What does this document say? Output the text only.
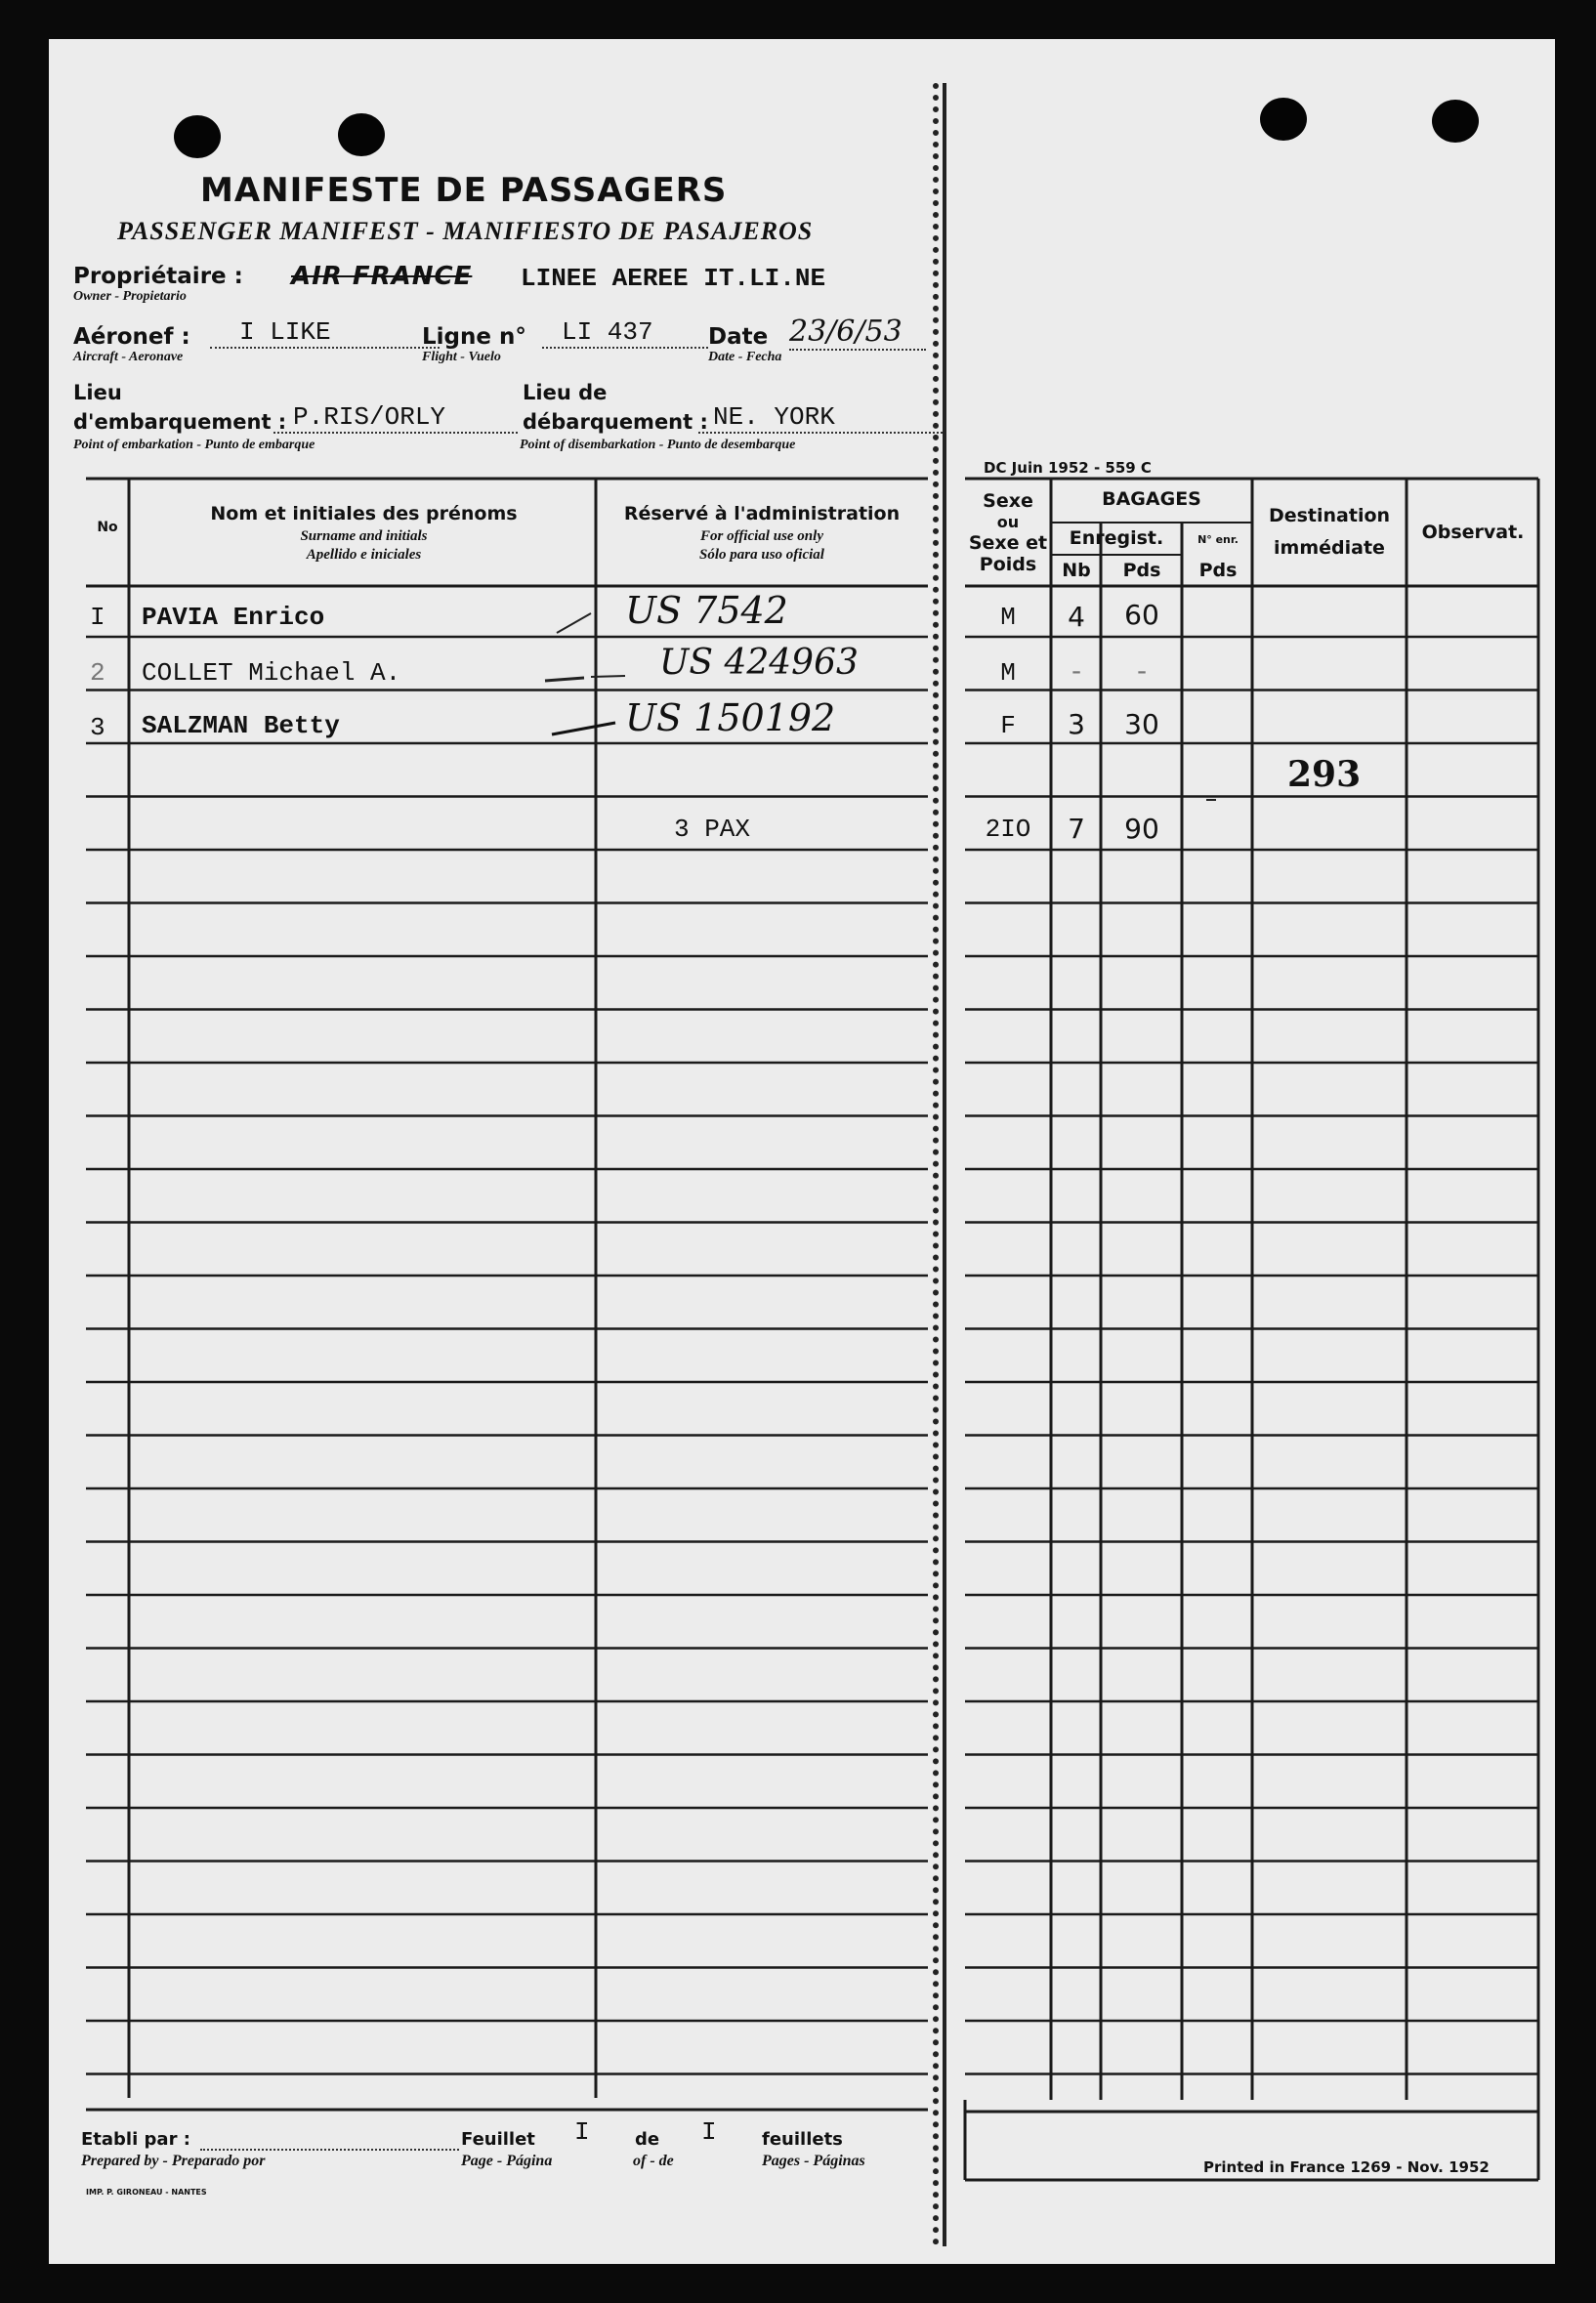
MANIFESTE DE PASSAGERS
PASSENGER MANIFEST - MANIFIESTO DE PASAJEROS
Propriétaire :
Owner - Propietario
AIR FRANCE LINEE AEREE IT.LI.NE
Aéronef :
Aircraft - Aeronave
I LIKE	Ligne n°
Flight - Vuelo
LI 437	Date
Date - Fecha
23/6/53
Lieu
d'embarquement :
Point of embarkation - Punto de embarque
P.RIS/ORLY
Lieu de
débarquement :
Point of disembarkation - Punto de desembarque
NE. YORK
DC Juin 1952 - 559 C
No
Nom et initiales des prénoms
Surname and initials
Apellido e iniciales
Réservé à l'administration
For official use only
Sólo para uso oficial
Sexe
ou
Sexe et
Poids
BAGAGES
Enregist.
Nb	Pds
N° enr.
Pds
Destination
immédiate
Observat.
I PAVIA Enrico	US 7542	M	4	60
2 COLLET Michael A.	US 424963	M	-	-
3 SALZMAN Betty	US 150192	F	3	30
293
3 PAX	2IO	7	90
Etabli par :
Prepared by - Preparado por
Feuillet
Page - Página
I	de
of - de
I	feuillets
Pages - Páginas
IMP. P. GIRONEAU - NANTES
Printed in France 1269 - Nov. 1952
